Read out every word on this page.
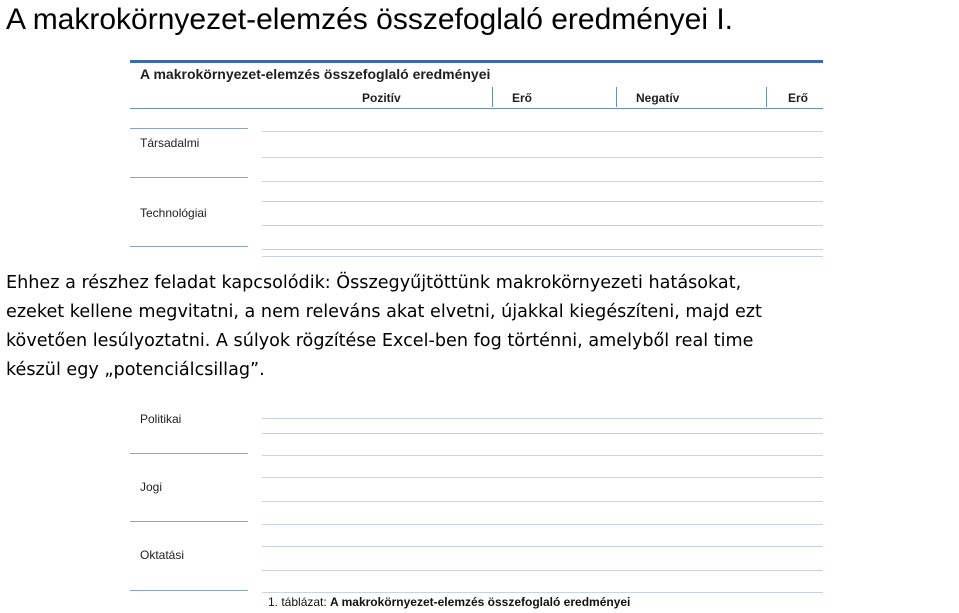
A makrokörnyezet-elemzés összefoglaló eredményei I.
A makrokörnyezet-elemzés összefoglaló eredményei
Pozitív	Erő	Negatív	Erő
Társadalmi
Technológiai

Ehhez a részhez feladat kapcsolódik: Összegyűjtöttünk makrokörnyezeti hatásokat,
ezeket kellene megvitatni, a nem releváns akat elvetni, újakkal kiegészíteni, majd ezt
követően lesúlyoztatni. A súlyok rögzítése Excel-ben fog történni, amelyből real time
készül egy „potenciálcsillag”.

Politikai
Jogi
Oktatási
1. táblázat: A makrokörnyezet-elemzés összefoglaló eredményei
